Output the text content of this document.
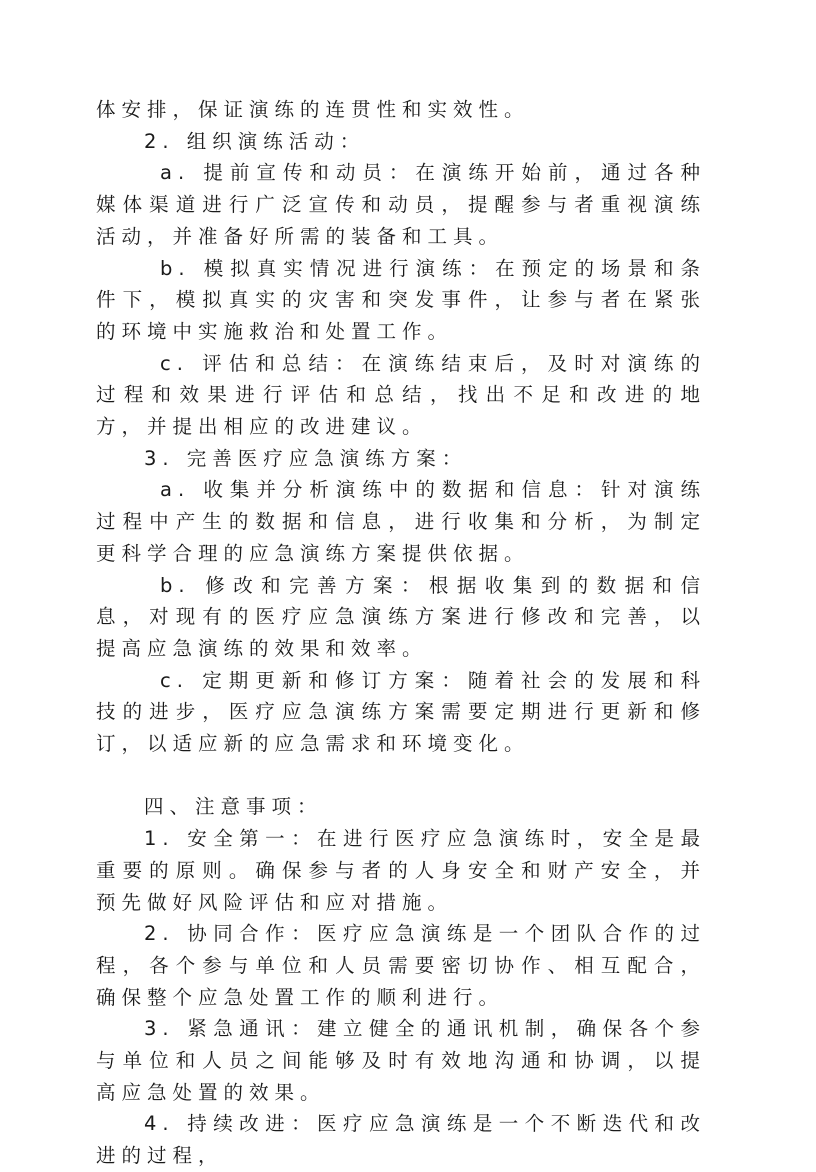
体安排，保证演练的连贯性和实效性。

2. 组织演练活动：

a. 提前宣传和动员：在演练开始前，通过各种媒体渠道进行广泛宣传和动员，提醒参与者重视演练活动，并准备好所需的装备和工具。

b. 模拟真实情况进行演练：在预定的场景和条件下，模拟真实的灾害和突发事件，让参与者在紧张的环境中实施救治和处置工作。

c. 评估和总结：在演练结束后，及时对演练的过程和效果进行评估和总结，找出不足和改进的地方，并提出相应的改进建议。

3. 完善医疗应急演练方案：

a. 收集并分析演练中的数据和信息：针对演练过程中产生的数据和信息，进行收集和分析，为制定更科学合理的应急演练方案提供依据。

b. 修改和完善方案：根据收集到的数据和信息，对现有的医疗应急演练方案进行修改和完善，以提高应急演练的效果和效率。

c. 定期更新和修订方案：随着社会的发展和科技的进步，医疗应急演练方案需要定期进行更新和修订，以适应新的应急需求和环境变化。

四、注意事项：

1. 安全第一：在进行医疗应急演练时，安全是最重要的原则。确保参与者的人身安全和财产安全，并预先做好风险评估和应对措施。

2. 协同合作：医疗应急演练是一个团队合作的过程，各个参与单位和人员需要密切协作、相互配合，确保整个应急处置工作的顺利进行。

3. 紧急通讯：建立健全的通讯机制，确保各个参与单位和人员之间能够及时有效地沟通和协调，以提高应急处置的效果。

4. 持续改进：医疗应急演练是一个不断迭代和改进的过程，
